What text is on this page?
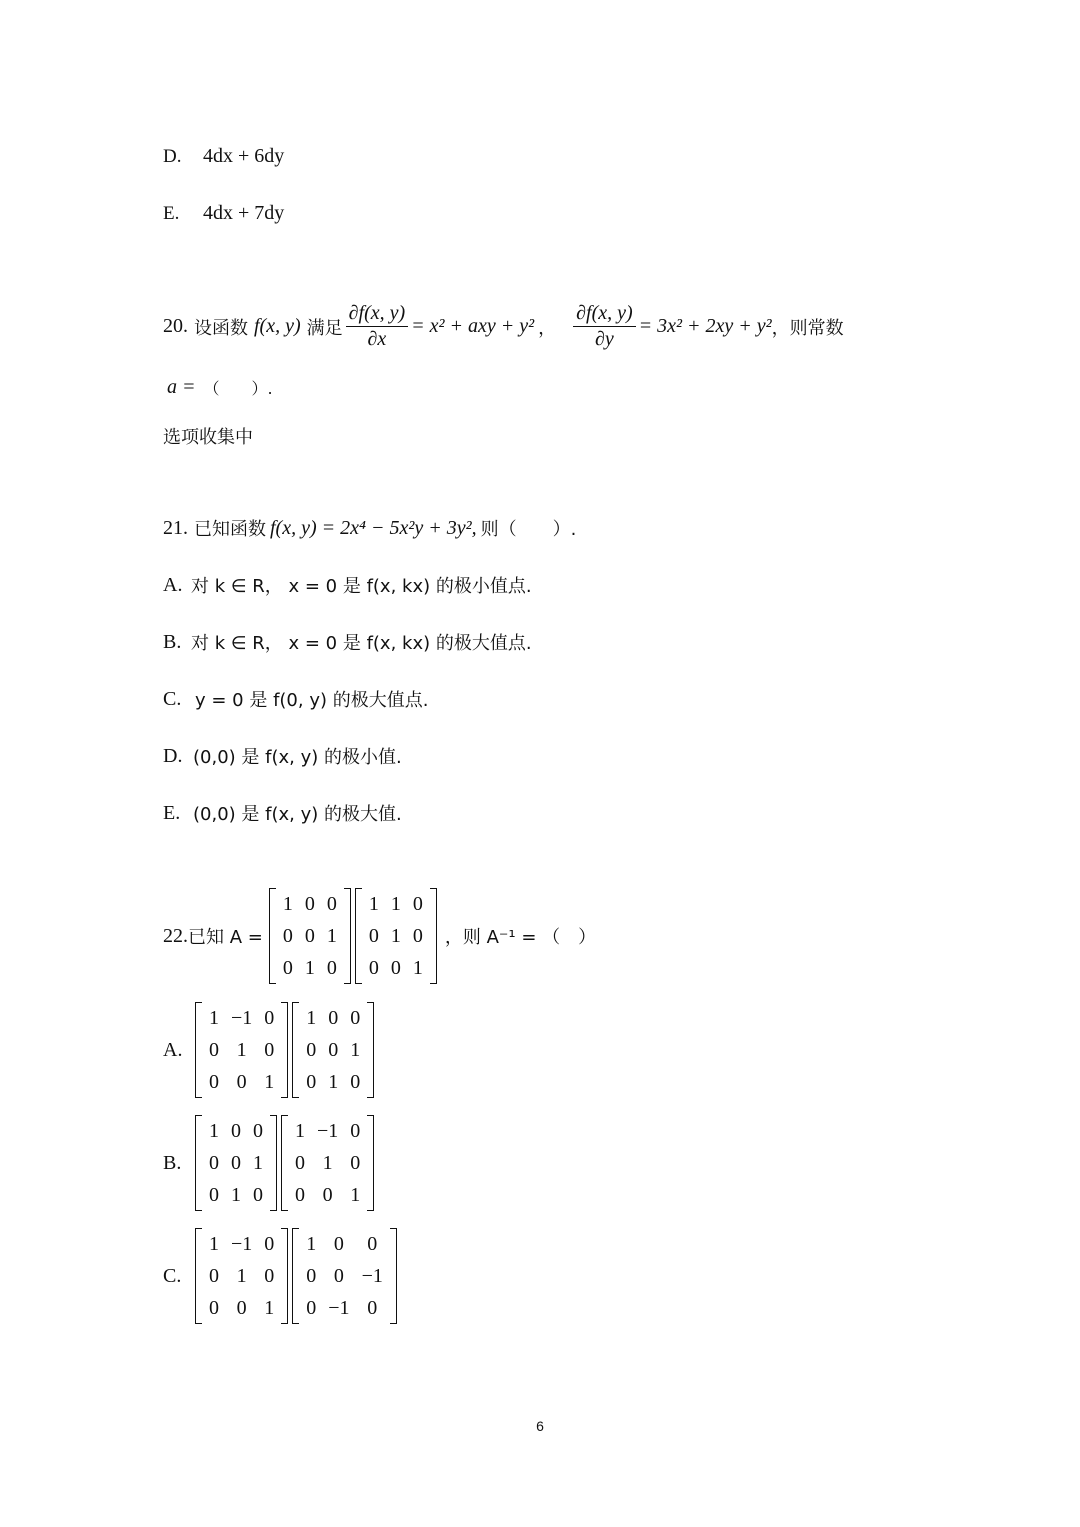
D.	4dx + 6dy
E.	4dx + 7dy
20. 设函数 f(x, y) 满足 $\frac{\partial f(x, y)}{\partial x} = x^2$ + axy + y² ， $\frac{\partial f(x, y)}{\partial y} = 3x^2 + 2xy + y^2$ ，则常数
a = （　　）.
选项收集中
21. 已知函数 f(x, y) = 2x⁴ − 5x²y + 3y², 则（　　）.
A. 对 k ∈ R， x = 0 是 f(x, kx) 的极小值点.
B. 对 k ∈ R， x = 0 是 f(x, kx) 的极大值点.
C. y = 0 是 f(0, y) 的极大值点.
D. (0,0) 是 f(x, y) 的极小值.
E. (0,0) 是 f(x, y) 的极大值.
22. 已知 A =
1	0	0
0	0	1
0	1	0
1	1	0
0	1	0
0	0	1
，则 A⁻¹ = （　）
A.
1	−1	0
0	1	0
0	0	1
1	0	0
0	0	1
0	1	0
B.
1	0	0
0	0	1
0	1	0
1	−1	0
0	1	0
0	0	1
C.
1	−1	0
0	1	0
0	0	1
1	0	0
0	0	−1
0	−1	0
6
